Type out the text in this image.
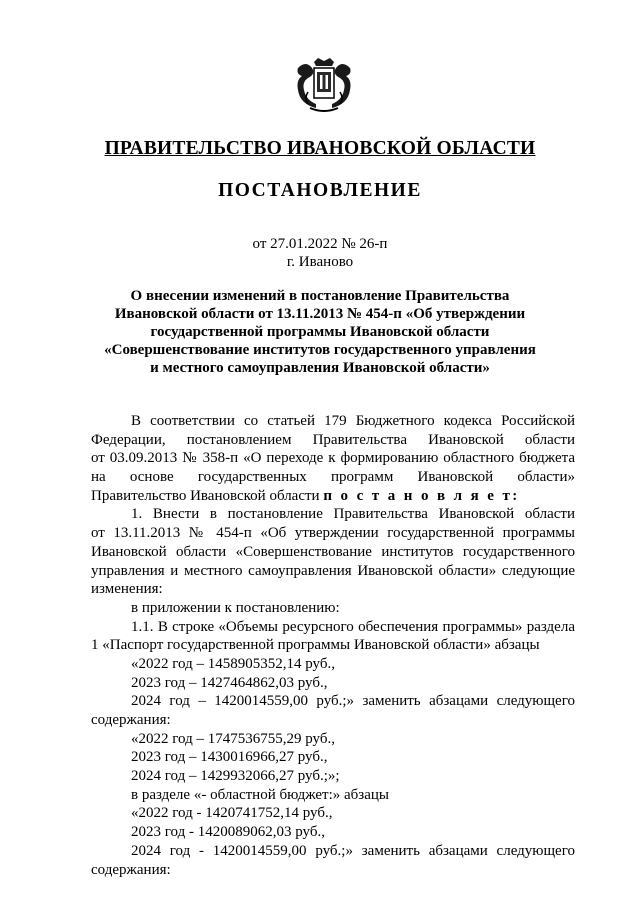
ПРАВИТЕЛЬСТВО ИВАНОВСКОЙ ОБЛАСТИ
ПОСТАНОВЛЕНИЕ
от 27.01.2022 № 26-п
г. Иваново
О внесении изменений в постановление Правительства
Ивановской области от 13.11.2013 № 454-п «Об утверждении
государственной программы Ивановской области
«Совершенствование институтов государственного управления
и местного самоуправления Ивановской области»
В соответствии со статьей 179 Бюджетного кодекса Российской
Федерации, постановлением Правительства Ивановской области
от 03.09.2013 № 358-п «О переходе к формированию областного бюджета
на основе государственных программ Ивановской области»
Правительство Ивановской области п о с т а н о в л я е т:
1. Внести в постановление Правительства Ивановской области
от 13.11.2013 № 454-п «Об утверждении государственной программы
Ивановской области «Совершенствование институтов государственного
управления и местного самоуправления Ивановской области» следующие
изменения:
в приложении к постановлению:
1.1. В строке «Объемы ресурсного обеспечения программы» раздела
1 «Паспорт государственной программы Ивановской области» абзацы
«2022 год – 1458905352,14 руб.,
2023 год – 1427464862,03 руб.,
2024 год – 1420014559,00 руб.;» заменить абзацами следующего
содержания:
«2022 год – 1747536755,29 руб.,
2023 год – 1430016966,27 руб.,
2024 год – 1429932066,27 руб.;»;
в разделе «- областной бюджет:» абзацы
«2022 год - 1420741752,14 руб.,
2023 год - 1420089062,03 руб.,
2024 год - 1420014559,00 руб.;» заменить абзацами следующего
содержания:
